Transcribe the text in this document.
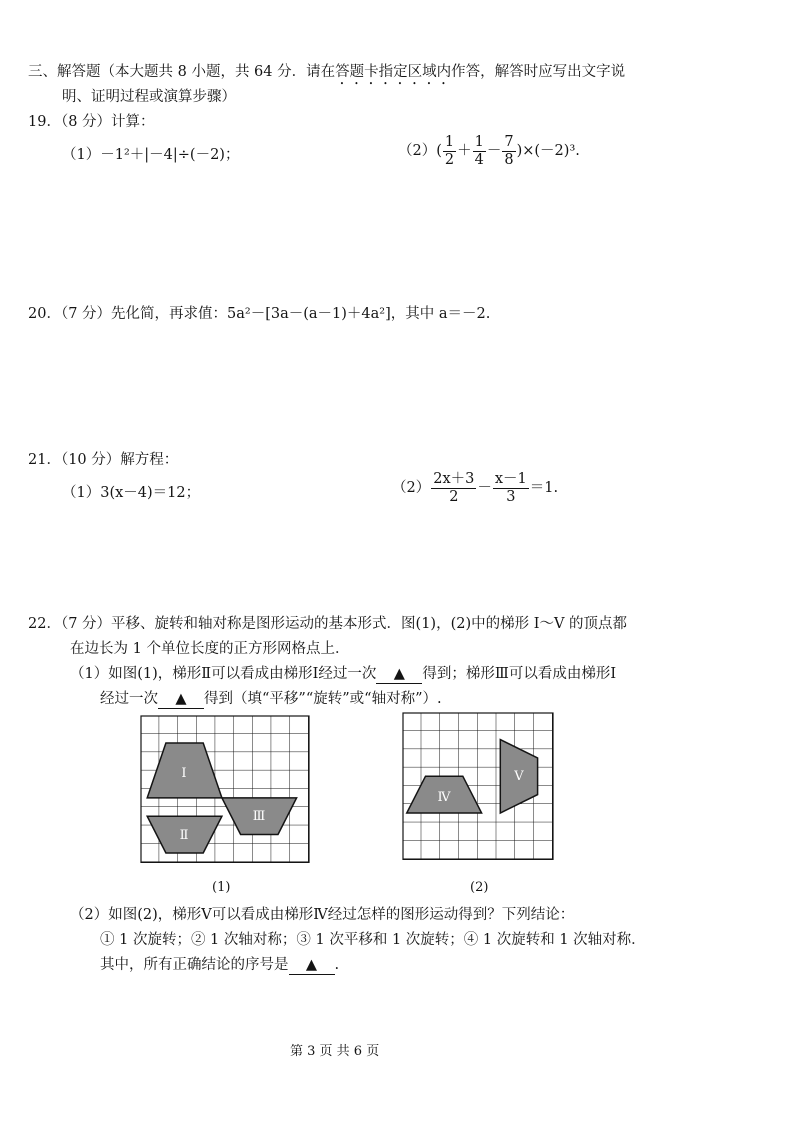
三、解答题（本大题共 8 小题，共 64 分．请在答题卡指定区域内作答，解答时应写出文字说
明、证明过程或演算步骤）
19．（8 分）计算：
（1）－1²＋|－4|÷(－2)；	$(2)( \frac{1}{2} + \frac{1}{4} - \frac{7}{8} )\times(-2)^3$.
20．（7 分）先化简，再求值：5a²－[3a－(a－1)＋4a²]，其中 a＝－2.
21．（10 分）解方程：
（1）3(x－4)＝12；	$(2) \frac{2x+3}{2} - \frac{x-1}{3} =1$.
22．（7 分）平移、旋转和轴对称是图形运动的基本形式．图(1)，(2)中的梯形 Ⅰ～Ⅴ 的顶点都
在边长为 1 个单位长度的正方形网格点上．
（1）如图(1)，梯形Ⅱ可以看成由梯形Ⅰ经过一次 ▲ 得到；梯形Ⅲ可以看成由梯形Ⅰ
经过一次 ▲ 得到（填“平移”“旋转”或“轴对称”）.
Ⅰ
Ⅱ
Ⅲ
(1)
Ⅳ
Ⅴ
(2)
（2）如图(2)，梯形Ⅴ可以看成由梯形Ⅳ经过怎样的图形运动得到？下列结论：
① 1 次旋转；② 1 次轴对称；③ 1 次平移和 1 次旋转；④ 1 次旋转和 1 次轴对称．
其中，所有正确结论的序号是 ▲ .
第 3 页 共 6 页
